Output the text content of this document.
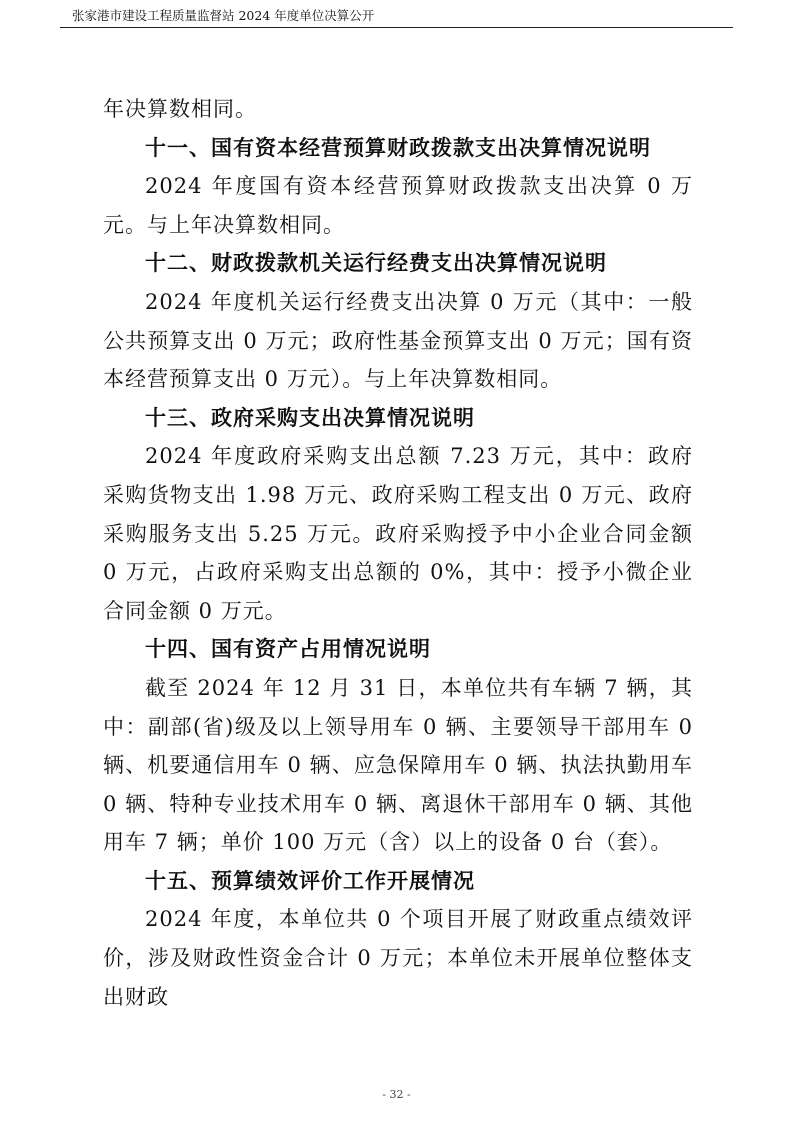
张家港市建设工程质量监督站 2024 年度单位决算公开

年决算数相同。

十一、国有资本经营预算财政拨款支出决算情况说明

2024 年度国有资本经营预算财政拨款支出决算 0 万元。与上年决算数相同。

十二、财政拨款机关运行经费支出决算情况说明

2024 年度机关运行经费支出决算 0 万元（其中：一般公共预算支出 0 万元；政府性基金预算支出 0 万元；国有资本经营预算支出 0 万元）。与上年决算数相同。

十三、政府采购支出决算情况说明

2024 年度政府采购支出总额 7.23 万元，其中：政府采购货物支出 1.98 万元、政府采购工程支出 0 万元、政府采购服务支出 5.25 万元。政府采购授予中小企业合同金额 0 万元，占政府采购支出总额的 0%，其中：授予小微企业合同金额 0 万元。

十四、国有资产占用情况说明

截至 2024 年 12 月 31 日，本单位共有车辆 7 辆，其中：副部(省)级及以上领导用车 0 辆、主要领导干部用车 0 辆、机要通信用车 0 辆、应急保障用车 0 辆、执法执勤用车 0 辆、特种专业技术用车 0 辆、离退休干部用车 0 辆、其他用车 7 辆；单价 100 万元（含）以上的设备 0 台（套）。

十五、预算绩效评价工作开展情况

2024 年度，本单位共 0 个项目开展了财政重点绩效评价，涉及财政性资金合计 0 万元；本单位未开展单位整体支出财政

- 32 -
